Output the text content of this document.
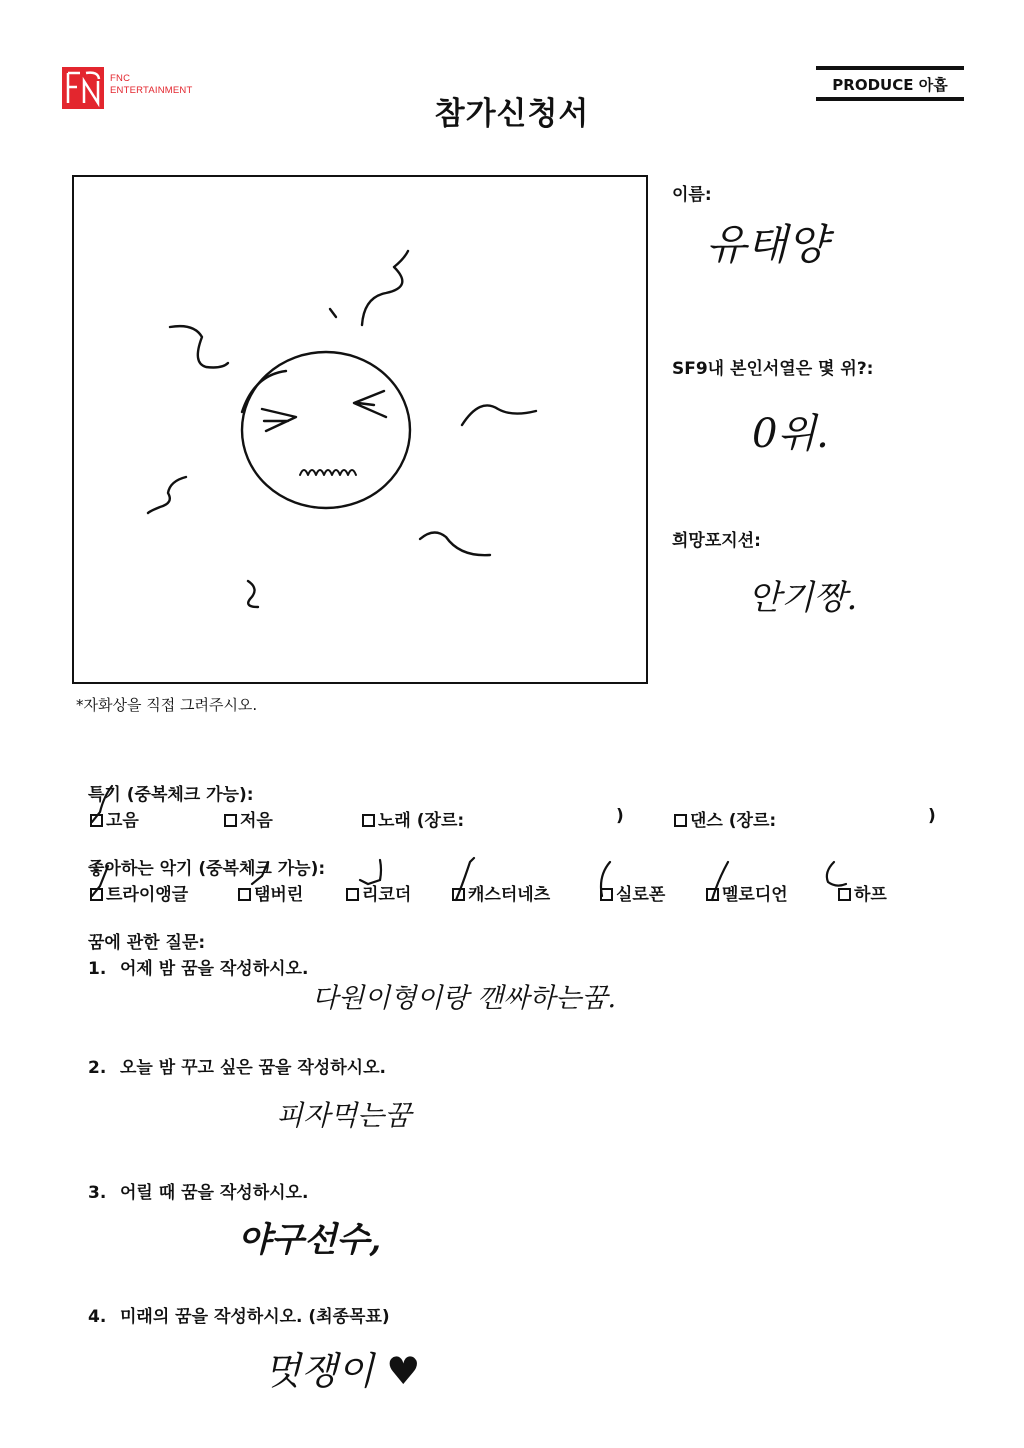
FNC
ENTERTAINMENT	PRODUCE 아홉
참가신청서
*자화상을 직접 그려주시오.
이름:
유태양
SF9내 본인서열은 몇 위?:
0위.
희망포지션:
안기짱.
특기 (중복체크 가능):
고음	저음	노래 (장르:	)	댄스 (장르:	)
좋아하는 악기 (중복체크 가능):
트라이앵글	탬버린	리코더	캐스터네츠	실로폰	멜로디언	하프
꿈에 관한 질문:
1. 어제 밤 꿈을 작성하시오.
다원이형이랑 깬싸하는꿈.
2. 오늘 밤 꾸고 싶은 꿈을 작성하시오.
피자먹는꿈
3. 어릴 때 꿈을 작성하시오.
야구선수,
4. 미래의 꿈을 작성하시오. (최종목표)
멋쟁이 ♥
